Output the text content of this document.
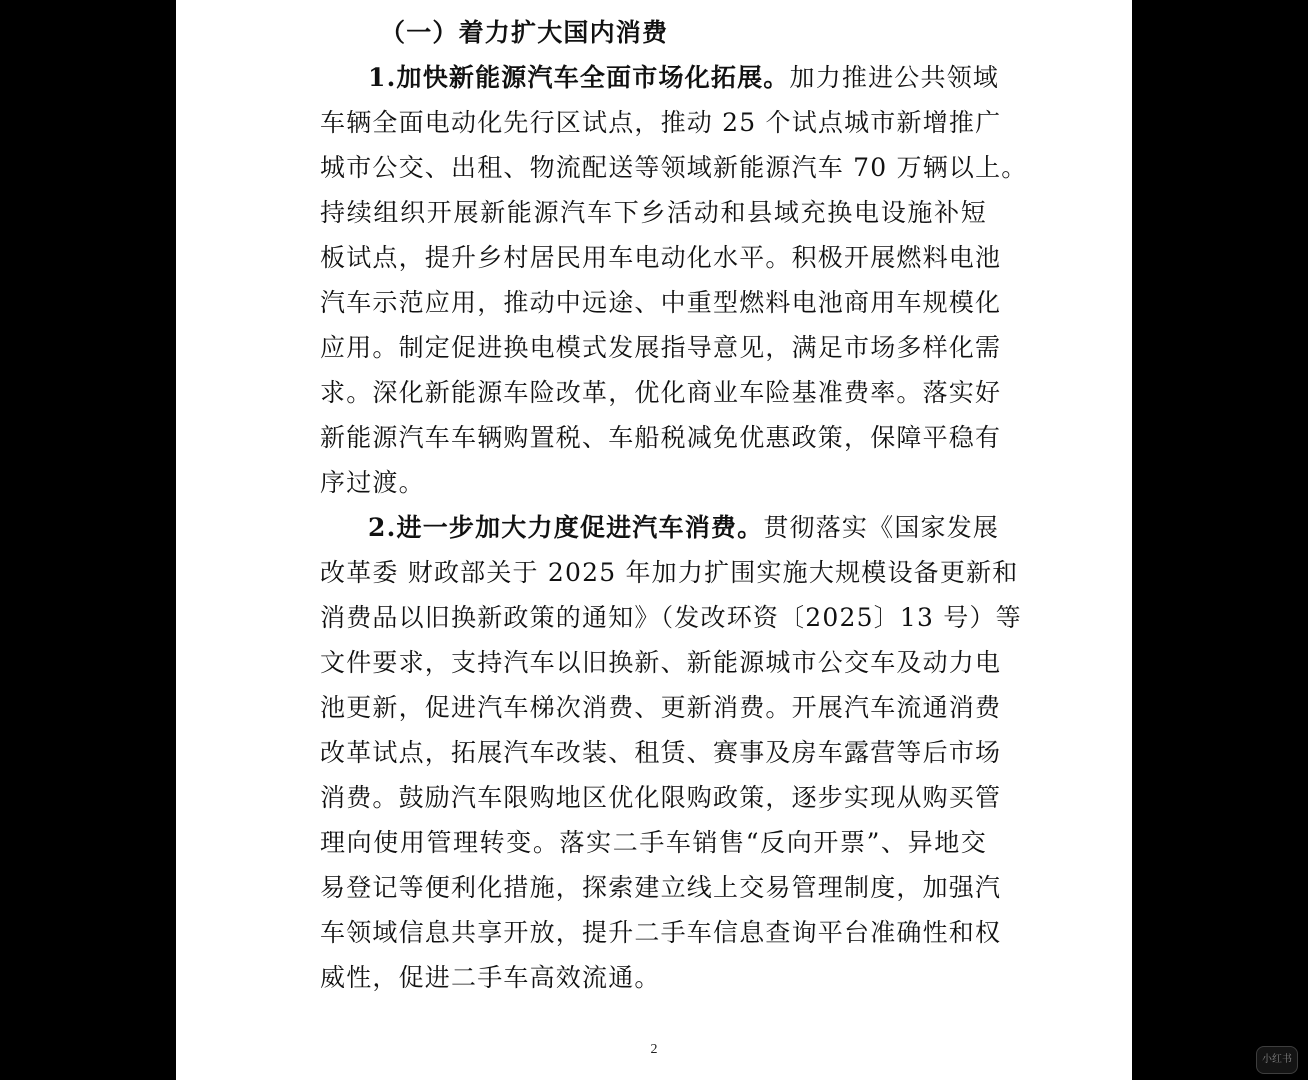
（一）着力扩大国内消费
1.加快新能源汽车全面市场化拓展。加力推进公共领域
车辆全面电动化先行区试点，推动 25 个试点城市新增推广
城市公交、出租、物流配送等领域新能源汽车 70 万辆以上。
持续组织开展新能源汽车下乡活动和县域充换电设施补短
板试点，提升乡村居民用车电动化水平。积极开展燃料电池
汽车示范应用，推动中远途、中重型燃料电池商用车规模化
应用。制定促进换电模式发展指导意见，满足市场多样化需
求。深化新能源车险改革，优化商业车险基准费率。落实好
新能源汽车车辆购置税、车船税减免优惠政策，保障平稳有
序过渡。
2.进一步加大力度促进汽车消费。贯彻落实《国家发展
改革委 财政部关于 2025 年加力扩围实施大规模设备更新和
消费品以旧换新政策的通知》（发改环资〔2025〕13 号）等
文件要求，支持汽车以旧换新、新能源城市公交车及动力电
池更新，促进汽车梯次消费、更新消费。开展汽车流通消费
改革试点，拓展汽车改装、租赁、赛事及房车露营等后市场
消费。鼓励汽车限购地区优化限购政策，逐步实现从购买管
理向使用管理转变。落实二手车销售“反向开票”、异地交
易登记等便利化措施，探索建立线上交易管理制度，加强汽
车领域信息共享开放，提升二手车信息查询平台准确性和权
威性，促进二手车高效流通。
2
小红书
